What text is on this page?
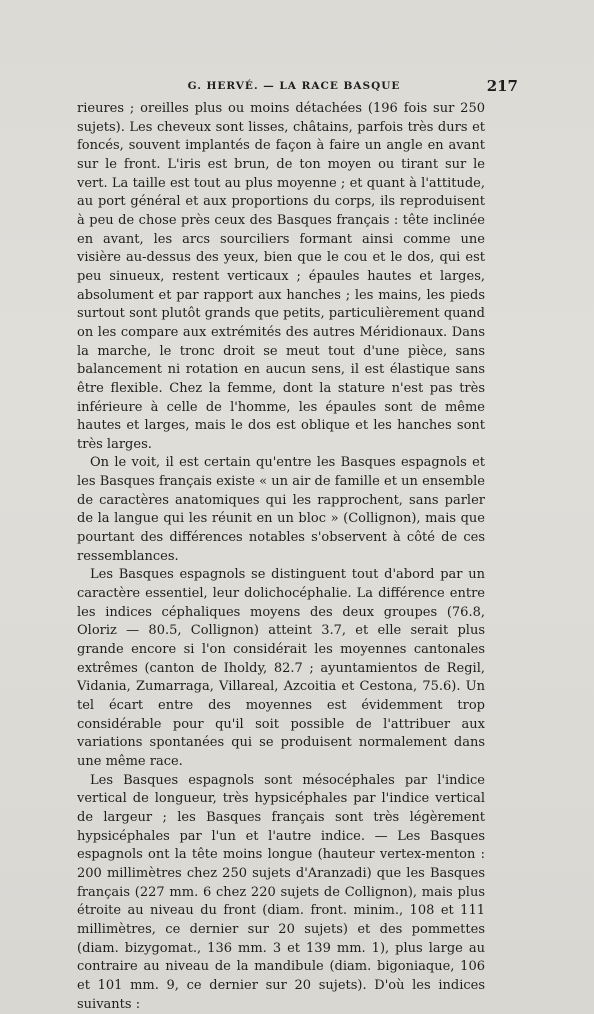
G. HERVÉ. — LA RACE BASQUE	217

rieures ; oreilles plus ou moins détachées (196 fois sur 250 sujets). Les cheveux sont lisses, châtains, parfois très durs et foncés, souvent implantés de façon à faire un angle en avant sur le front. L'iris est brun, de ton moyen ou tirant sur le vert. La taille est tout au plus moyenne ; et quant à l'attitude, au port général et aux proportions du corps, ils reproduisent à peu de chose près ceux des Basques français : tête inclinée en avant, les arcs sourciliers formant ainsi comme une visière au-dessus des yeux, bien que le cou et le dos, qui est peu sinueux, restent verticaux ; épaules hautes et larges, absolument et par rapport aux hanches ; les mains, les pieds surtout sont plutôt grands que petits, particulièrement quand on les compare aux extrémités des autres Méridionaux. Dans la marche, le tronc droit se meut tout d'une pièce, sans balancement ni rotation en aucun sens, il est élastique sans être flexible. Chez la femme, dont la stature n'est pas très inférieure à celle de l'homme, les épaules sont de même hautes et larges, mais le dos est oblique et les hanches sont très larges.

On le voit, il est certain qu'entre les Basques espagnols et les Basques français existe « un air de famille et un ensemble de caractères anatomiques qui les rapprochent, sans parler de la langue qui les réunit en un bloc » (Collignon), mais que pourtant des différences notables s'observent à côté de ces ressemblances.

Les Basques espagnols se distinguent tout d'abord par un caractère essentiel, leur dolichocéphalie. La différence entre les indices céphaliques moyens des deux groupes (76.8, Oloriz — 80.5, Collignon) atteint 3.7, et elle serait plus grande encore si l'on considérait les moyennes cantonales extrêmes (canton de Iholdy, 82.7 ; ayuntamientos de Regil, Vidania, Zumarraga, Villareal, Azcoitia et Cestona, 75.6). Un tel écart entre des moyennes est évidemment trop considérable pour qu'il soit possible de l'attribuer aux variations spontanées qui se produisent normalement dans une même race.

Les Basques espagnols sont mésocéphales par l'indice vertical de longueur, très hypsicéphales par l'indice vertical de largeur ; les Basques français sont très légèrement hypsicéphales par l'un et l'autre indice. — Les Basques espagnols ont la tête moins longue (hauteur vertex-menton : 200 millimètres chez 250 sujets d'Aranzadi) que les Basques français (227 mm. 6 chez 220 sujets de Collignon), mais plus étroite au niveau du front (diam. front. minim., 108 et 111 millimètres, ce dernier sur 20 sujets) et des pommettes (diam. bizygomat., 136 mm. 3 et 139 mm. 1), plus large au contraire au niveau de la mandibule (diam. bigoniaque, 106 et 101 mm. 9, ce dernier sur 20 sujets). D'où les indices suivants :
